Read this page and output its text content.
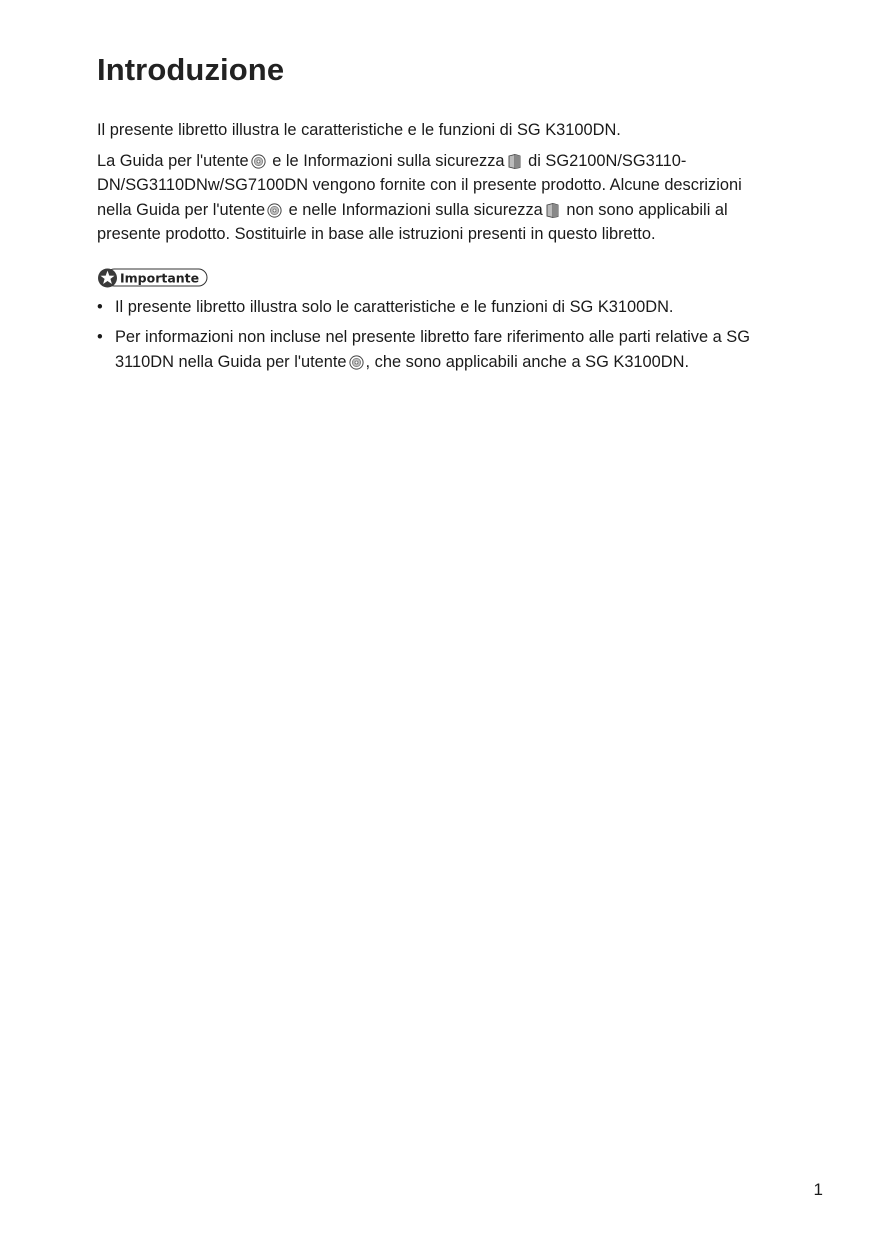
Introduzione

Il presente libretto illustra le caratteristiche e le funzioni di SG K3100DN.

La Guida per l'utente e le Informazioni sulla sicurezza di SG2100N/SG3110-DN/SG3110DNw/SG7100DN vengono fornite con il presente prodotto. Alcune descrizioni nella Guida per l'utente e nelle Informazioni sulla sicurezza non sono applicabili al presente prodotto. Sostituirle in base alle istruzioni presenti in questo libretto.

Importante
• Il presente libretto illustra solo le caratteristiche e le funzioni di SG K3100DN.
• Per informazioni non incluse nel presente libretto fare riferimento alle parti relative a SG 3110DN nella Guida per l'utente , che sono applicabili anche a SG K3100DN.
1
